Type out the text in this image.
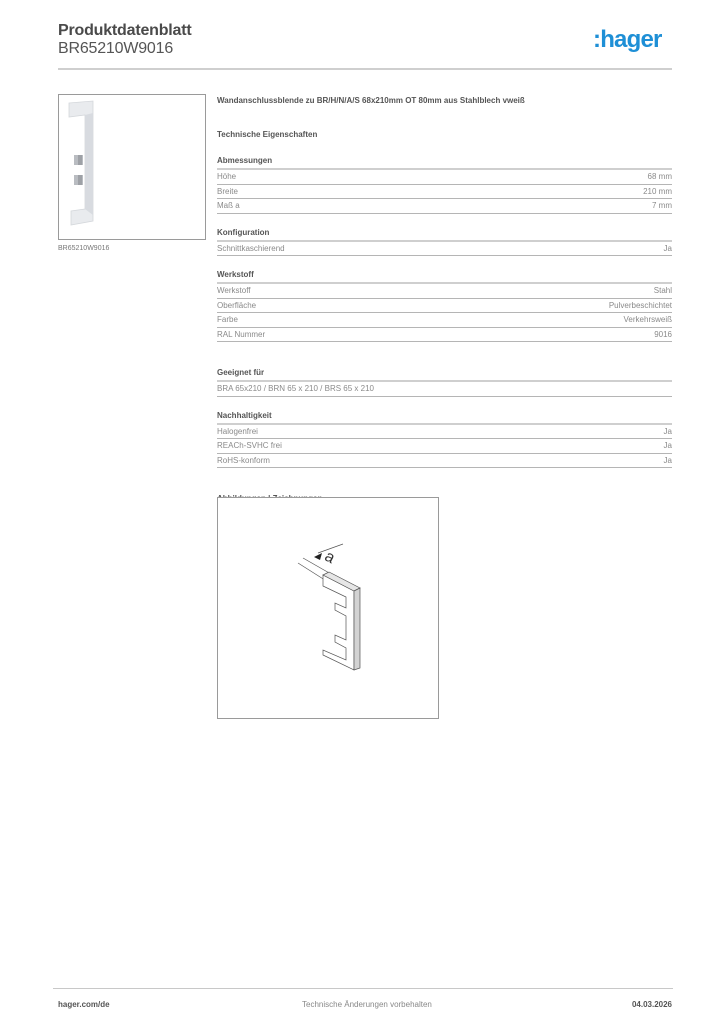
Produktdatenblatt
BR65210W9016	:hager
BR65210W9016
Wandanschlussblende zu BR/H/N/A/S 68x210mm OT 80mm aus Stahlblech vweiß
Technische Eigenschaften
Abmessungen
Höhe	68 mm
Breite	210 mm
Maß a	7 mm
Konfiguration
Schnittkaschierend	Ja
Werkstoff
Werkstoff	Stahl
Oberfläche	Pulverbeschichtet
Farbe	Verkehrsweiß
RAL Nummer	9016
Geeignet für
BRA 65x210 / BRN 65 x 210 / BRS 65 x 210
Nachhaltigkeit
Halogenfrei	Ja
REACh-SVHC frei	Ja
RoHS-konform	Ja
a
hager.com/de	Technische Änderungen vorbehalten	04.03.2026
